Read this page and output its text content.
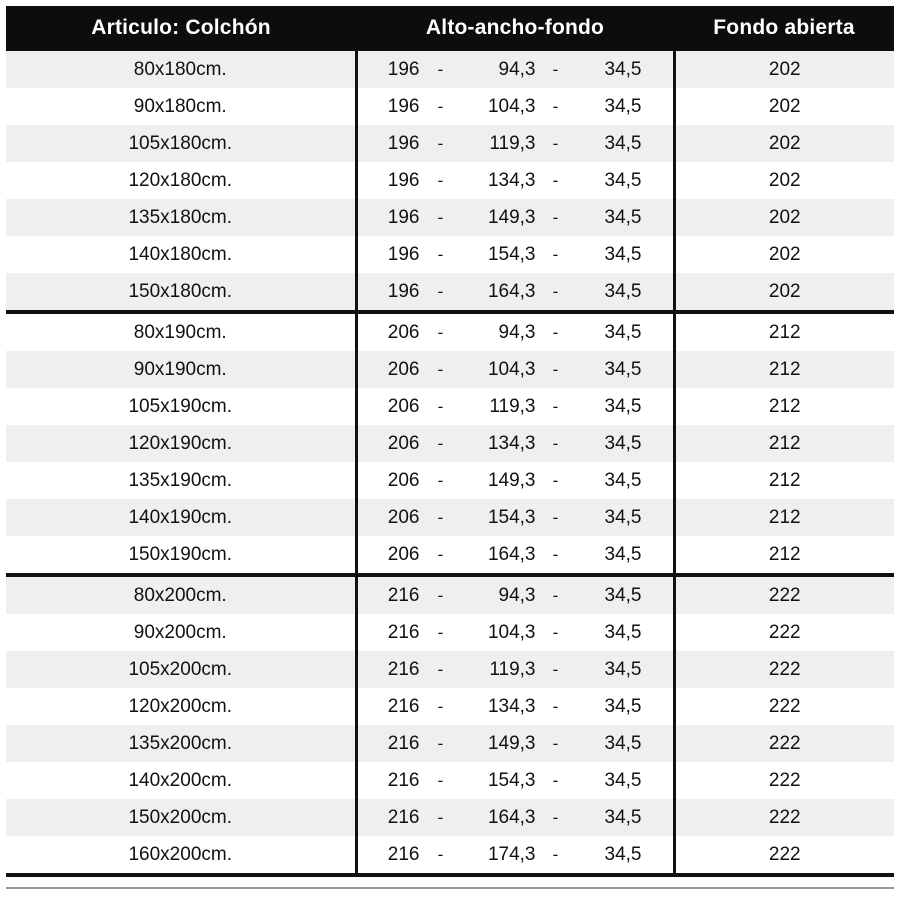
Articulo: Colchón	Alto-ancho-fondo	Fondo abierta
80x180cm.	196 - 94,3 - 34,5	202
90x180cm.	196 - 104,3 - 34,5	202
105x180cm.	196 - 119,3 - 34,5	202
120x180cm.	196 - 134,3 - 34,5	202
135x180cm.	196 - 149,3 - 34,5	202
140x180cm.	196 - 154,3 - 34,5	202
150x180cm.	196 - 164,3 - 34,5	202
80x190cm.	206 - 94,3 - 34,5	212
90x190cm.	206 - 104,3 - 34,5	212
105x190cm.	206 - 119,3 - 34,5	212
120x190cm.	206 - 134,3 - 34,5	212
135x190cm.	206 - 149,3 - 34,5	212
140x190cm.	206 - 154,3 - 34,5	212
150x190cm.	206 - 164,3 - 34,5	212
80x200cm.	216 - 94,3 - 34,5	222
90x200cm.	216 - 104,3 - 34,5	222
105x200cm.	216 - 119,3 - 34,5	222
120x200cm.	216 - 134,3 - 34,5	222
135x200cm.	216 - 149,3 - 34,5	222
140x200cm.	216 - 154,3 - 34,5	222
150x200cm.	216 - 164,3 - 34,5	222
160x200cm.	216 - 174,3 - 34,5	222
